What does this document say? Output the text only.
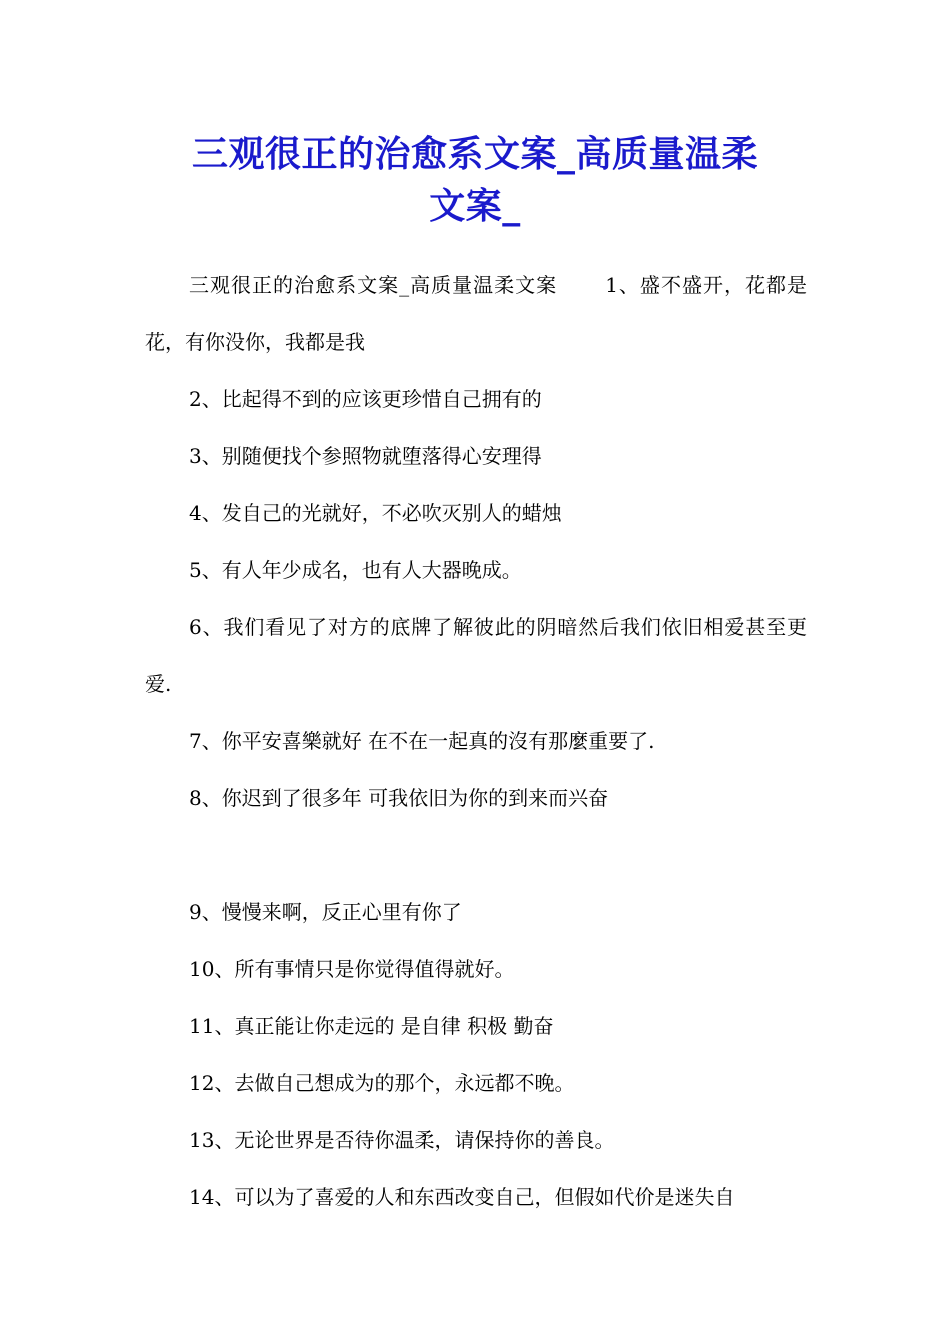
三观很正的治愈系文案_高质量温柔
文案_

三观很正的治愈系文案_高质量温柔文案 1、盛不盛开，花都是花，有你没你，我都是我

2、比起得不到的应该更珍惜自己拥有的

3、别随便找个参照物就堕落得心安理得

4、发自己的光就好，不必吹灭别人的蜡烛

5、有人年少成名，也有人大器晚成。

6、我们看见了对方的底牌了解彼此的阴暗然后我们依旧相爱甚至更爱.

7、你平安喜樂就好 在不在一起真的沒有那麼重要了.

8、你迟到了很多年 可我依旧为你的到来而兴奋

9、慢慢来啊，反正心里有你了

10、所有事情只是你觉得值得就好。

11、真正能让你走远的 是自律 积极 勤奋

12、去做自己想成为的那个，永远都不晚。

13、无论世界是否待你温柔，请保持你的善良。

14、可以为了喜爱的人和东西改变自己，但假如代价是迷失自
